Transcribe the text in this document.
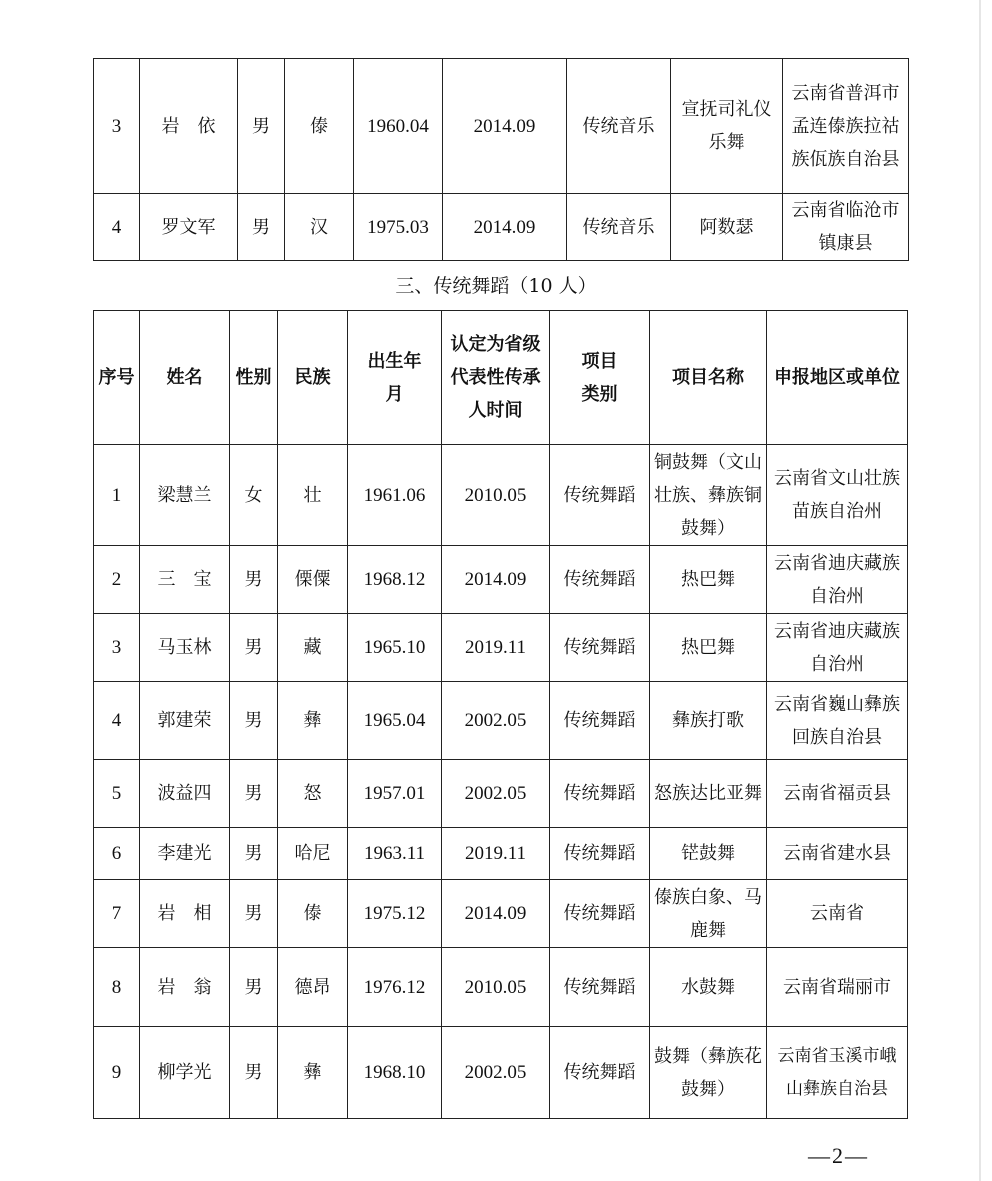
3	岩　依	男	傣	1960.04	2014.09	传统音乐	宣抚司礼仪乐舞	云南省普洱市孟连傣族拉祜族佤族自治县
4	罗文军	男	汉	1975.03	2014.09	传统音乐	阿数瑟	云南省临沧市镇康县
三、传统舞蹈（10 人）
序号	姓名	性别	民族	出生年月	认定为省级代表性传承人时间	项目类别	项目名称	申报地区或单位
1	梁慧兰	女	壮	1961.06	2010.05	传统舞蹈	铜鼓舞（文山壮族、彝族铜鼓舞）	云南省文山壮族苗族自治州
2	三　宝	男	傈僳	1968.12	2014.09	传统舞蹈	热巴舞	云南省迪庆藏族自治州
3	马玉林	男	藏	1965.10	2019.11	传统舞蹈	热巴舞	云南省迪庆藏族自治州
4	郭建荣	男	彝	1965.04	2002.05	传统舞蹈	彝族打歌	云南省巍山彝族回族自治县
5	波益四	男	怒	1957.01	2002.05	传统舞蹈	怒族达比亚舞	云南省福贡县
6	李建光	男	哈尼	1963.11	2019.11	传统舞蹈	铓鼓舞	云南省建水县
7	岩　相	男	傣	1975.12	2014.09	传统舞蹈	傣族白象、马鹿舞	云南省
8	岩　翁	男	德昂	1976.12	2010.05	传统舞蹈	水鼓舞	云南省瑞丽市
9	柳学光	男	彝	1968.10	2002.05	传统舞蹈	鼓舞（彝族花鼓舞）	云南省玉溪市峨山彝族自治县
—2—
